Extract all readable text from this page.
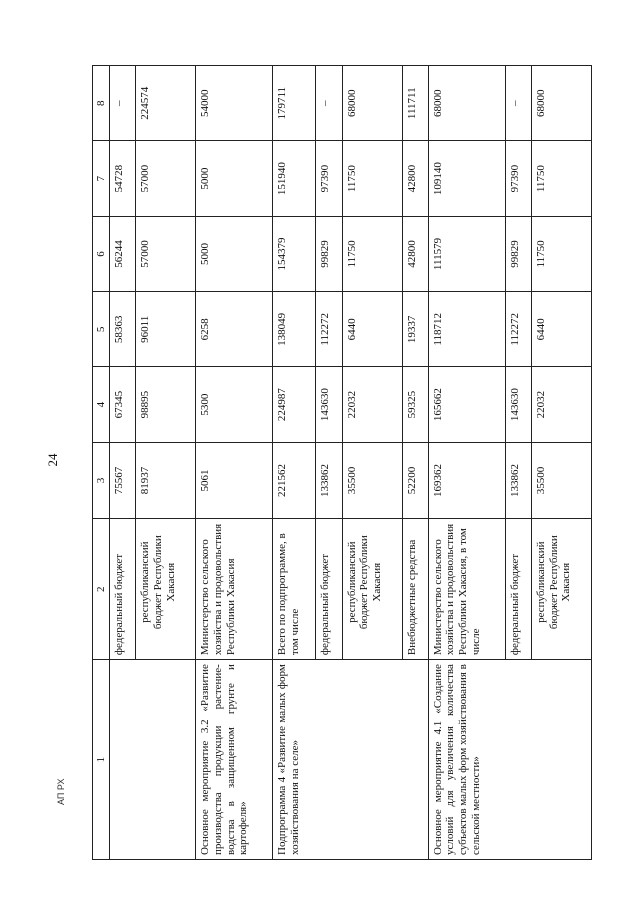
24
1	2	3	4	5	6	7	8
	федеральный бюджет	75567	67345	58363	56244	54728	–
	республиканский бюджет Республики Хакасия	81937	98895	96011	57000	57000	224574
Основное мероприятие 3.2 «Развитие производства продукции растение-водства в защищенном грунте и картофеля»	Министерство сельского хозяйства и продовольствия Республики Хакасия	5061	5300	6258	5000	5000	54000
Подпрограмма 4 «Развитие малых форм хозяйствования на селе»	Всего по подпрограмме, в том числе	221562	224987	138049	154379	151940	179711
	федеральный бюджет	133862	143630	112272	99829	97390	–
	республиканский бюджет Республики Хакасия	35500	22032	6440	11750	11750	68000
	Внебюджетные средства	52200	59325	19337	42800	42800	111711
Основное мероприятие 4.1 «Создание условий для увеличения количества субъектов малых форм хозяйствования в сельской местности»	Министерство сельского хозяйства и продовольствия Республики Хакасия, в том числе	169362	165662	118712	111579	109140	68000
	федеральный бюджет	133862	143630	112272	99829	97390	–
	республиканский бюджет Республики Хакасия	35500	22032	6440	11750	11750	68000
АП РХ
